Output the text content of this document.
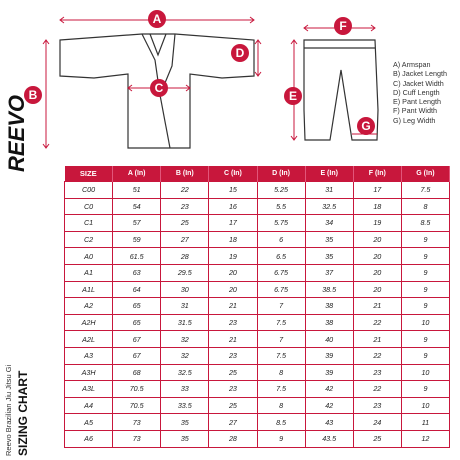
A
B	C
D
E
F
G
REEVO
A) Armspan
B) Jacket Length
C) Jacket Width
D) Cuff Length
E) Pant Length
F) Pant Width
G) Leg Width
Reevo Brazilian Jiu Jitsu Gi SIZING CHART
SIZE	A (In)	B (In)	C (In)	D (In)	E (In)	F (In)	G (In)
C00	51	22	15	5.25	31	17	7.5
C0	54	23	16	5.5	32.5	18	8
C1	57	25	17	5.75	34	19	8.5
C2	59	27	18	6	35	20	9
A0	61.5	28	19	6.5	35	20	9
A1	63	29.5	20	6.75	37	20	9
A1L	64	30	20	6.75	38.5	20	9
A2	65	31	21	7	38	21	9
A2H	65	31.5	23	7.5	38	22	10
A2L	67	32	21	7	40	21	9
A3	67	32	23	7.5	39	22	9
A3H	68	32.5	25	8	39	23	10
A3L	70.5	33	23	7.5	42	22	9
A4	70.5	33.5	25	8	42	23	10
A5	73	35	27	8.5	43	24	11
A6	73	35	28	9	43.5	25	12
